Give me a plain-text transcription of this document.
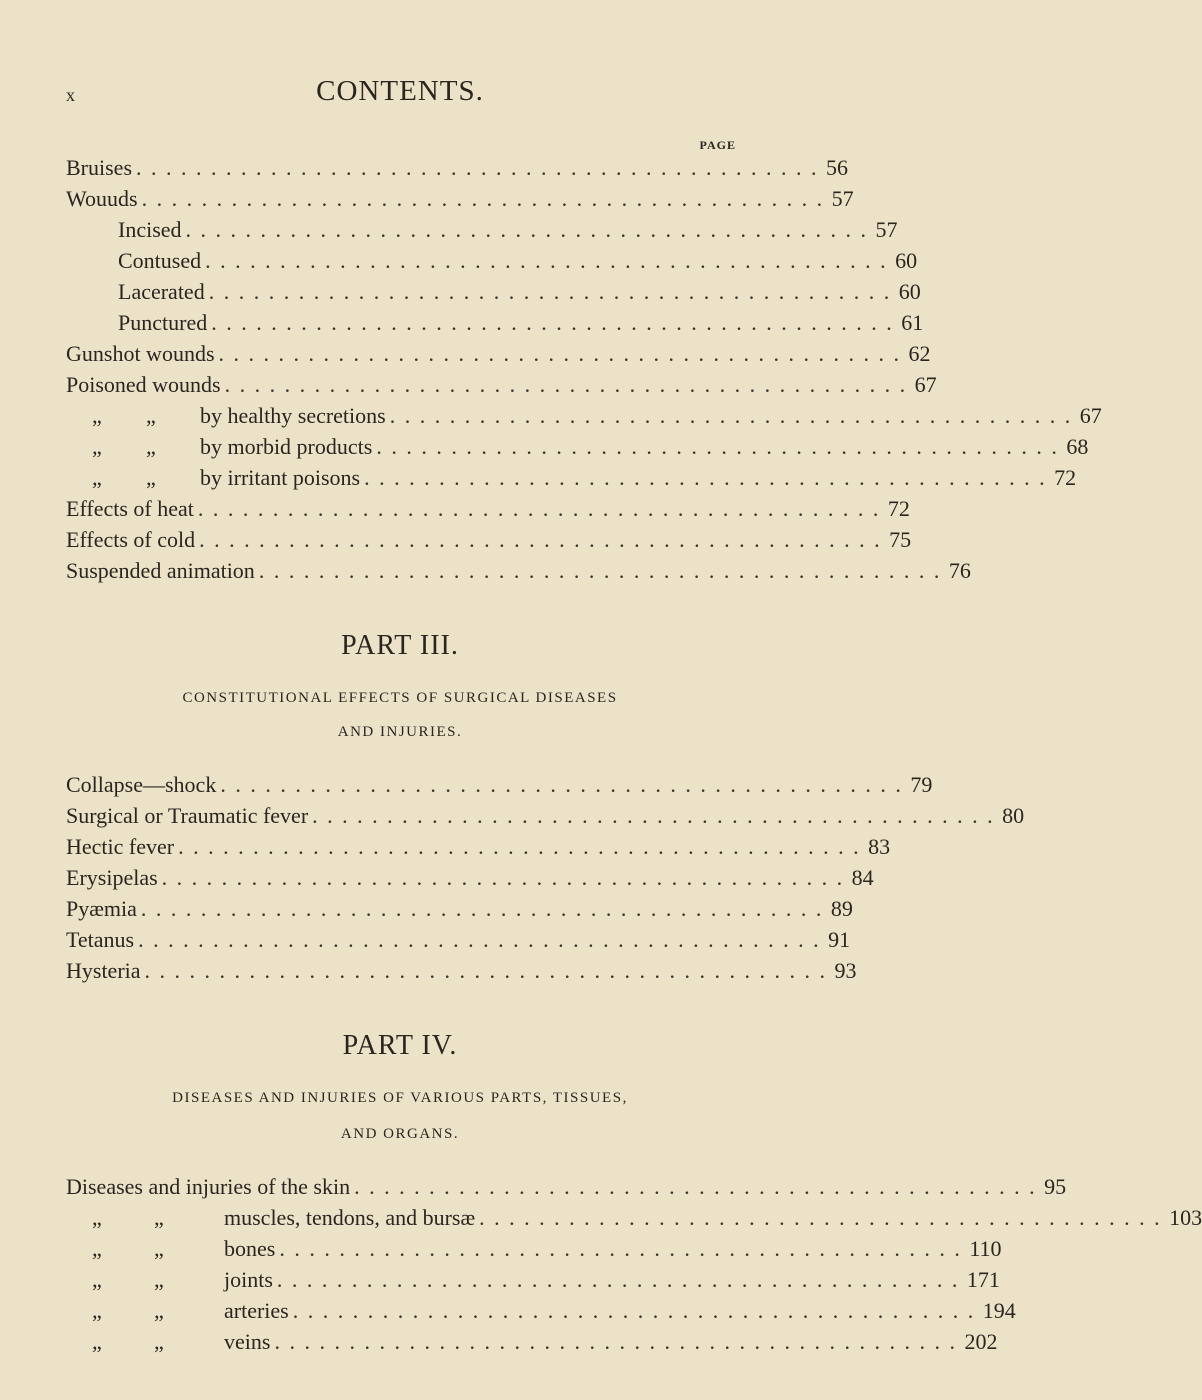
x	CONTENTS.
PAGE
Bruises .............................................. 56
Wouuds .............................................. 57
Incised .............................................. 57
Contused .............................................. 60
Lacerated .............................................. 60
Punctured .............................................. 61
Gunshot wounds .............................................. 62
Poisoned wounds .............................................. 67
„ „ by healthy secretions .............................................. 67
„ „ by morbid products .............................................. 68
„ „ by irritant poisons .............................................. 72
Effects of heat .............................................. 72
Effects of cold .............................................. 75
Suspended animation .............................................. 76
PART III.
CONSTITUTIONAL EFFECTS OF SURGICAL DISEASES
AND INJURIES.
Collapse—shock .............................................. 79
Surgical or Traumatic fever .............................................. 80
Hectic fever .............................................. 83
Erysipelas .............................................. 84
Pyæmia .............................................. 89
Tetanus .............................................. 91
Hysteria .............................................. 93
PART IV.
DISEASES AND INJURIES OF VARIOUS PARTS, TISSUES,
AND ORGANS.
Diseases and injuries of the skin .............................................. 95
„ „	muscles, tendons, and bursæ .............................................. 103
„ „	bones .............................................. 110
„ „	joints .............................................. 171
„ „	arteries .............................................. 194
„ „	veins .............................................. 202
